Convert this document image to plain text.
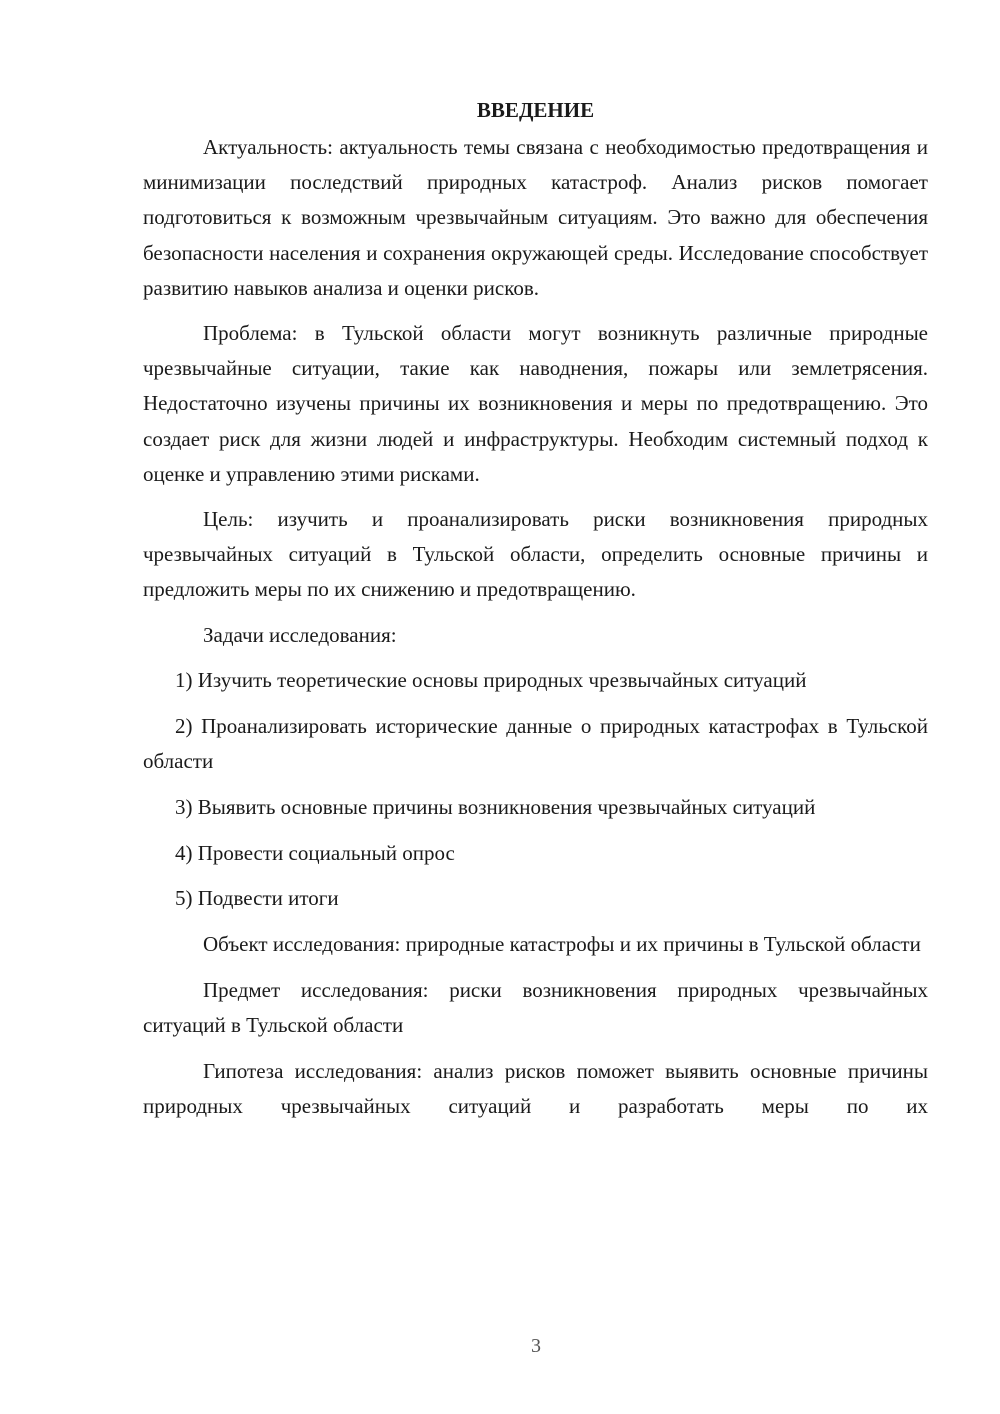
ВВЕДЕНИЕ

Актуальность: актуальность темы связана с необходимостью предотвращения и минимизации последствий природных катастроф. Анализ рисков помогает подготовиться к возможным чрезвычайным ситуациям. Это важно для обеспечения безопасности населения и сохранения окружающей среды. Исследование способствует развитию навыков анализа и оценки рисков.

Проблема: в Тульской области могут возникнуть различные природные чрезвычайные ситуации, такие как наводнения, пожары или землетрясения. Недостаточно изучены причины их возникновения и меры по предотвращению. Это создает риск для жизни людей и инфраструктуры. Необходим системный подход к оценке и управлению этими рисками.

Цель: изучить и проанализировать риски возникновения природных чрезвычайных ситуаций в Тульской области, определить основные причины и предложить меры по их снижению и предотвращению.

Задачи исследования:

1) Изучить теоретические основы природных чрезвычайных ситуаций

2) Проанализировать исторические данные о природных катастрофах в Тульской области

3) Выявить основные причины возникновения чрезвычайных ситуаций

4) Провести социальный опрос

5) Подвести итоги

Объект исследования: природные катастрофы и их причины в Тульской области

Предмет исследования: риски возникновения природных чрезвычайных ситуаций в Тульской области

Гипотеза исследования: анализ рисков поможет выявить основные причины природных чрезвычайных ситуаций и разработать меры по их

3
